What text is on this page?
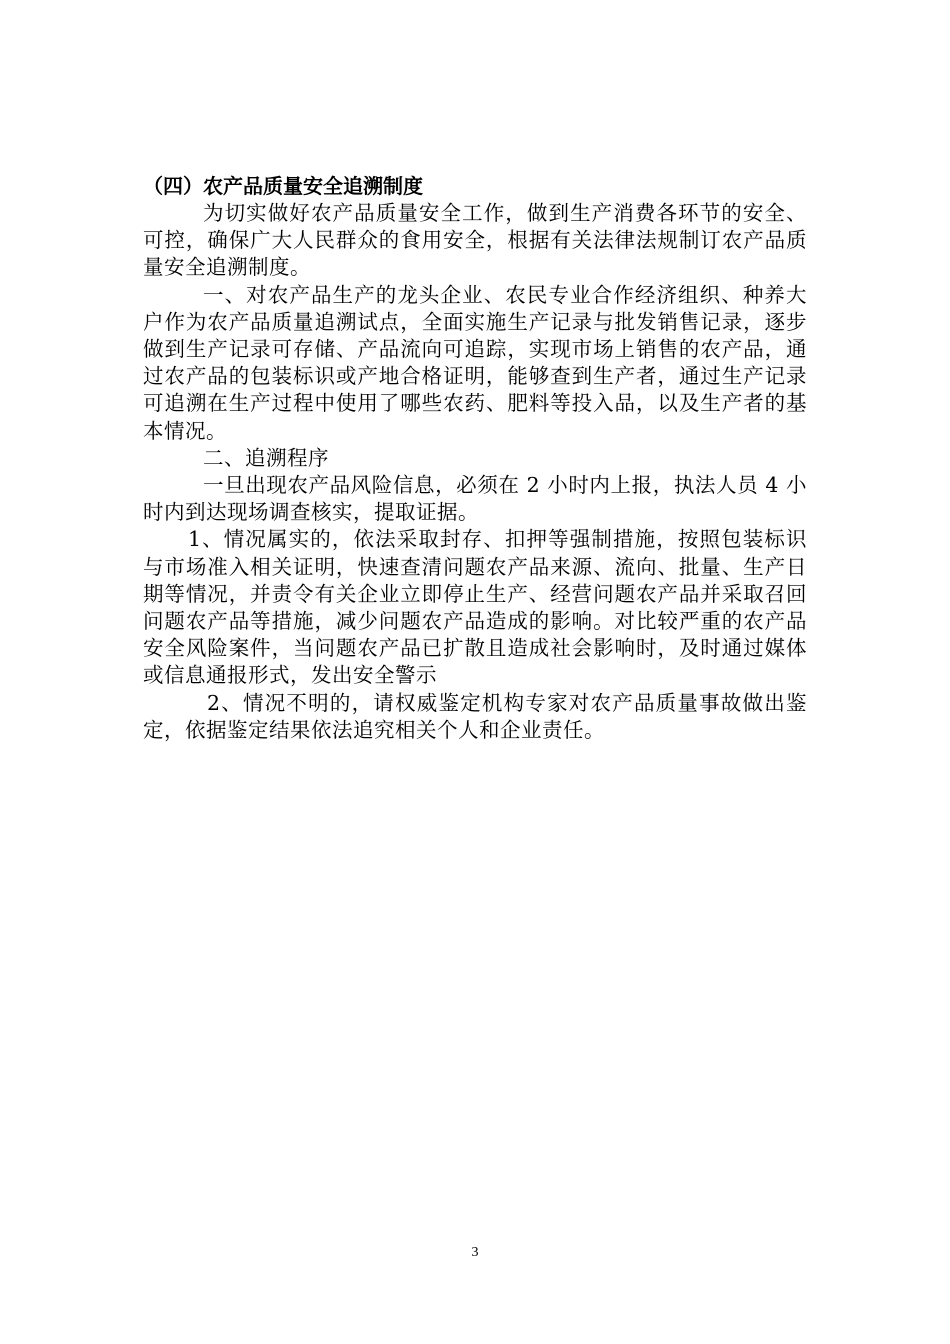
（四）农产品质量安全追溯制度

为切实做好农产品质量安全工作，做到生产消费各环节的安全、可控，确保广大人民群众的食用安全，根据有关法律法规制订农产品质量安全追溯制度。

一、对农产品生产的龙头企业、农民专业合作经济组织、种养大户作为农产品质量追溯试点，全面实施生产记录与批发销售记录，逐步做到生产记录可存储、产品流向可追踪，实现市场上销售的农产品，通过农产品的包装标识或产地合格证明，能够查到生产者，通过生产记录可追溯在生产过程中使用了哪些农药、肥料等投入品，以及生产者的基本情况。

二、追溯程序

一旦出现农产品风险信息，必须在 2 小时内上报，执法人员 4 小时内到达现场调查核实，提取证据。

1、情况属实的，依法采取封存、扣押等强制措施，按照包装标识与市场准入相关证明，快速查清问题农产品来源、流向、批量、生产日期等情况，并责令有关企业立即停止生产、经营问题农产品并采取召回问题农产品等措施，减少问题农产品造成的影响。对比较严重的农产品安全风险案件，当问题农产品已扩散且造成社会影响时，及时通过媒体或信息通报形式，发出安全警示

2、情况不明的，请权威鉴定机构专家对农产品质量事故做出鉴定，依据鉴定结果依法追究相关个人和企业责任。

3
